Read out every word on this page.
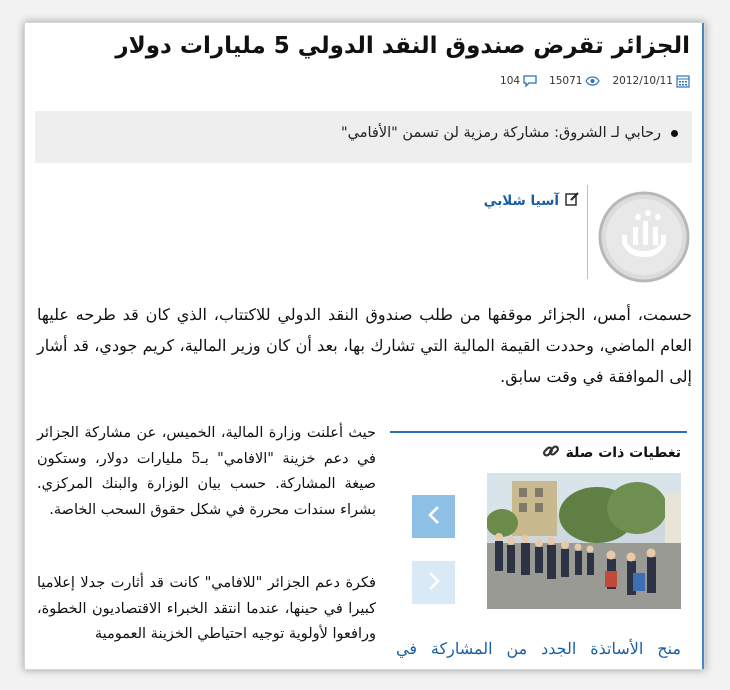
الجزائر تقرض صندوق النقد الدولي 5 مليارات دولار
104	15071	2012/10/11
رحابي لـ الشروق: مشاركة رمزية لن تسمن "الأفامي"
آسيا شلابي

حسمت، أمس، الجزائر موقفها من طلب صندوق النقد الدولي للاكتتاب، الذي كان قد طرحه عليها العام الماضي، وحددت القيمة المالية التي تشارك بها، بعد أن كان وزير المالية، كريم جودي، قد أشار إلى الموافقة في وقت سابق.

تغطيات ذات صلة
منح الأساتذة الجدد من المشاركة في

حيث أعلنت وزارة المالية، الخميس، عن مشاركة الجزائر في دعم خزينة "الافامي" بـ5 مليارات دولار، وستكون صيغة المشاركة. حسب بيان الوزارة والبنك المركزي. بشراء سندات محررة في شكل حقوق السحب الخاصة.

فكرة دعم الجزائر "للافامي" كانت قد أثارت جدلا إعلاميا كبيرا في حينها، عندما انتقد الخبراء الاقتصاديون الخطوة، ورافعوا لأولوية توجيه احتياطي الخزينة العمومية
